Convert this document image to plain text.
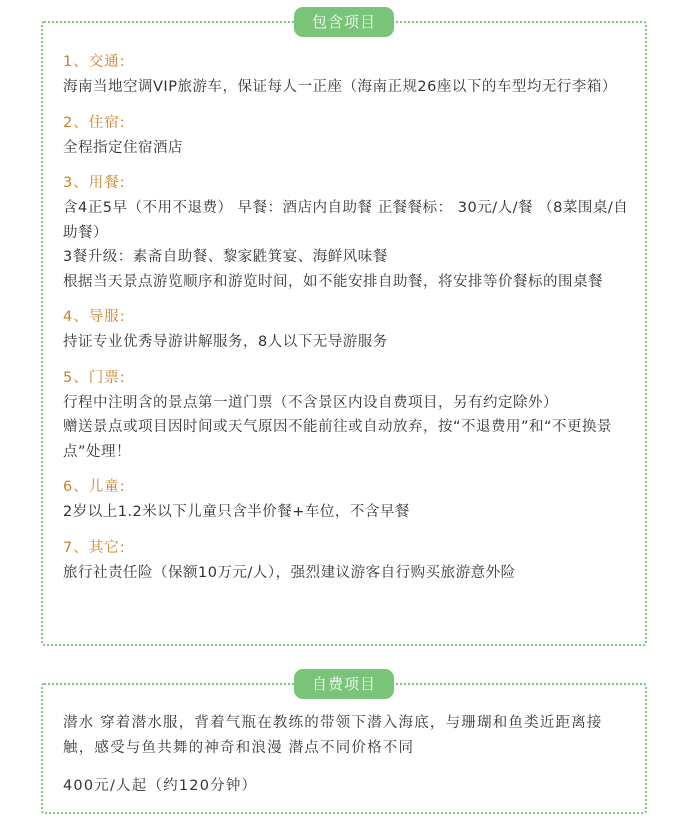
包含项目
1、交通:
海南当地空调VIP旅游车，保证每人一正座（海南正规26座以下的车型均无行李箱）
2、住宿:
全程指定住宿酒店
3、用餐:
含4正5早（不用不退费） 早餐：酒店内自助餐 正餐餐标： 30元/人/餐 （8菜围桌/自助餐）
3餐升级：素斋自助餐、黎家鼪箕宴、海鲜风味餐
根据当天景点游览顺序和游览时间，如不能安排自助餐，将安排等价餐标的围桌餐
4、导服:
持证专业优秀导游讲解服务，8人以下无导游服务
5、门票:
行程中注明含的景点第一道门票（不含景区内设自费项目，另有约定除外）
赠送景点或项目因时间或天气原因不能前往或自动放弃，按“不退费用”和“不更换景点”处理！
6、儿童:
2岁以上1.2米以下儿童只含半价餐+车位，不含早餐
7、其它:
旅行社责任险（保额10万元/人），强烈建议游客自行购买旅游意外险
自费项目
潜水 穿着潜水服，背着气瓶在教练的带领下潜入海底，与珊瑚和鱼类近距离接触，感受与鱼共舞的神奇和浪漫 潜点不同价格不同
400元/人起（约120分钟）
